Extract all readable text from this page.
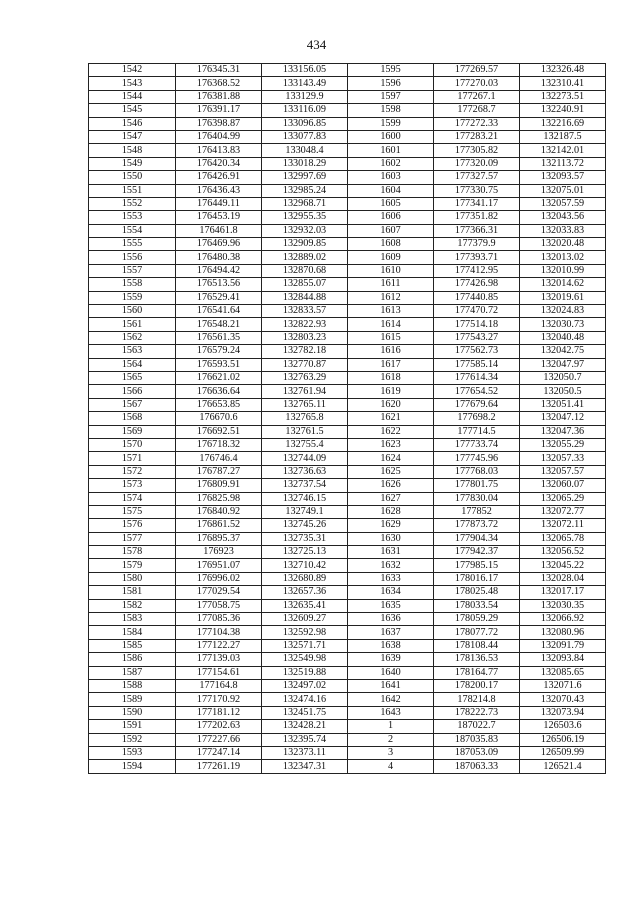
434
1542	176345.31	133156.05	1595	177269.57	132326.48
1543	176368.52	133143.49	1596	177270.03	132310.41
1544	176381.88	133129.9	1597	177267.1	132273.51
1545	176391.17	133116.09	1598	177268.7	132240.91
1546	176398.87	133096.85	1599	177272.33	132216.69
1547	176404.99	133077.83	1600	177283.21	132187.5
1548	176413.83	133048.4	1601	177305.82	132142.01
1549	176420.34	133018.29	1602	177320.09	132113.72
1550	176426.91	132997.69	1603	177327.57	132093.57
1551	176436.43	132985.24	1604	177330.75	132075.01
1552	176449.11	132968.71	1605	177341.17	132057.59
1553	176453.19	132955.35	1606	177351.82	132043.56
1554	176461.8	132932.03	1607	177366.31	132033.83
1555	176469.96	132909.85	1608	177379.9	132020.48
1556	176480.38	132889.02	1609	177393.71	132013.02
1557	176494.42	132870.68	1610	177412.95	132010.99
1558	176513.56	132855.07	1611	177426.98	132014.62
1559	176529.41	132844.88	1612	177440.85	132019.61
1560	176541.64	132833.57	1613	177470.72	132024.83
1561	176548.21	132822.93	1614	177514.18	132030.73
1562	176561.35	132803.23	1615	177543.27	132040.48
1563	176579.24	132782.18	1616	177562.73	132042.75
1564	176593.51	132770.87	1617	177585.14	132047.97
1565	176621.02	132763.29	1618	177614.34	132050.7
1566	176636.64	132761.94	1619	177654.52	132050.5
1567	176653.85	132765.11	1620	177679.64	132051.41
1568	176670.6	132765.8	1621	177698.2	132047.12
1569	176692.51	132761.5	1622	177714.5	132047.36
1570	176718.32	132755.4	1623	177733.74	132055.29
1571	176746.4	132744.09	1624	177745.96	132057.33
1572	176787.27	132736.63	1625	177768.03	132057.57
1573	176809.91	132737.54	1626	177801.75	132060.07
1574	176825.98	132746.15	1627	177830.04	132065.29
1575	176840.92	132749.1	1628	177852	132072.77
1576	176861.52	132745.26	1629	177873.72	132072.11
1577	176895.37	132735.31	1630	177904.34	132065.78
1578	176923	132725.13	1631	177942.37	132056.52
1579	176951.07	132710.42	1632	177985.15	132045.22
1580	176996.02	132680.89	1633	178016.17	132028.04
1581	177029.54	132657.36	1634	178025.48	132017.17
1582	177058.75	132635.41	1635	178033.54	132030.35
1583	177085.36	132609.27	1636	178059.29	132066.92
1584	177104.38	132592.98	1637	178077.72	132080.96
1585	177122.27	132571.71	1638	178108.44	132091.79
1586	177139.03	132549.98	1639	178136.53	132093.84
1587	177154.61	132519.88	1640	178164.77	132085.65
1588	177164.8	132497.02	1641	178200.17	132071.6
1589	177170.92	132474.16	1642	178214.8	132070.43
1590	177181.12	132451.75	1643	178222.73	132073.94
1591	177202.63	132428.21	1	187022.7	126503.6
1592	177227.66	132395.74	2	187035.83	126506.19
1593	177247.14	132373.11	3	187053.09	126509.99
1594	177261.19	132347.31	4	187063.33	126521.4
